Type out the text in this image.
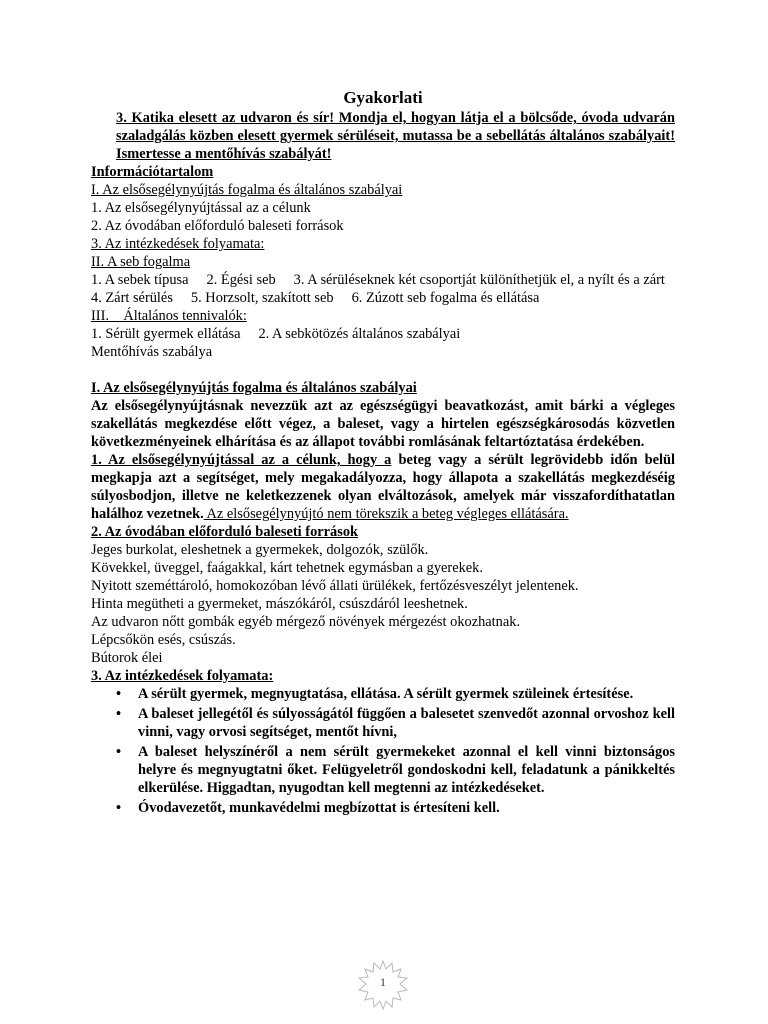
Gyakorlati

3. Katika elesett az udvaron és sír! Mondja el, hogyan látja el a bölcsőde, óvoda udvarán szaladgálás közben elesett gyermek sérüléseit, mutassa be a sebellátás általános szabályait! Ismertesse a mentőhívás szabályát!

Információtartalom

I. Az elsősegélynyújtás fogalma és általános szabályai

1. Az elsősegélynyújtással az a célunk

2. Az óvodában előforduló baleseti források

3. Az intézkedések folyamata:

II. A seb fogalma

1. A sebek típusa     2. Égési seb     3. A sérüléseknek két csoportját különíthetjük el, a nyílt és a zárt

4. Zárt sérülés     5. Horzsolt, szakított seb     6. Zúzott seb fogalma és ellátása

III.    Általános tennivalók:

1. Sérült gyermek ellátása     2. A sebkötözés általános szabályai

Mentőhívás szabálya

I. Az elsősegélynyújtás fogalma és általános szabályai

Az elsősegélynyújtásnak nevezzük azt az egészségügyi beavatkozást, amit bárki a végleges szakellátás megkezdése előtt végez, a baleset, vagy a hirtelen egészségkárosodás közvetlen következményeinek elhárítása és az állapot további romlásának feltartóztatása érdekében.

1. Az elsősegélynyújtással az a célunk, hogy a beteg vagy a sérült legrövidebb időn belül megkapja azt a segítséget, mely megakadályozza, hogy állapota a szakellátás megkezdéséig súlyosbodjon, illetve ne keletkezzenek olyan elváltozások, amelyek már visszafordíthatatlan halálhoz vezetnek. Az elsősegélynyújtó nem törekszik a beteg végleges ellátására.

2. Az óvodában előforduló baleseti források

Jeges burkolat, eleshetnek a gyermekek, dolgozók, szülők.

Kövekkel, üveggel, faágakkal, kárt tehetnek egymásban a gyerekek.

Nyitott szeméttároló, homokozóban lévő állati ürülékek, fertőzésveszélyt jelentenek.

Hinta megütheti a gyermeket, mászókáról, csúszdáról leeshetnek.

Az udvaron nőtt gombák egyéb mérgező növények mérgezést okozhatnak.

Lépcsőkön esés, csúszás.

Bútorok élei

3. Az intézkedések folyamata:

• A sérült gyermek, megnyugtatása, ellátása. A sérült gyermek szüleinek értesítése.
• A baleset jellegétől és súlyosságától függően a balesetet szenvedőt azonnal orvoshoz kell vinni, vagy orvosi segítséget, mentőt hívni,
• A baleset helyszínéről a nem sérült gyermekeket azonnal el kell vinni biztonságos helyre és megnyugtatni őket. Felügyeletről gondoskodni kell, feladatunk a pánikkeltés elkerülése. Higgadtan, nyugodtan kell megtenni az intézkedéseket.
• Óvodavezetőt, munkavédelmi megbízottat is értesíteni kell.
1
